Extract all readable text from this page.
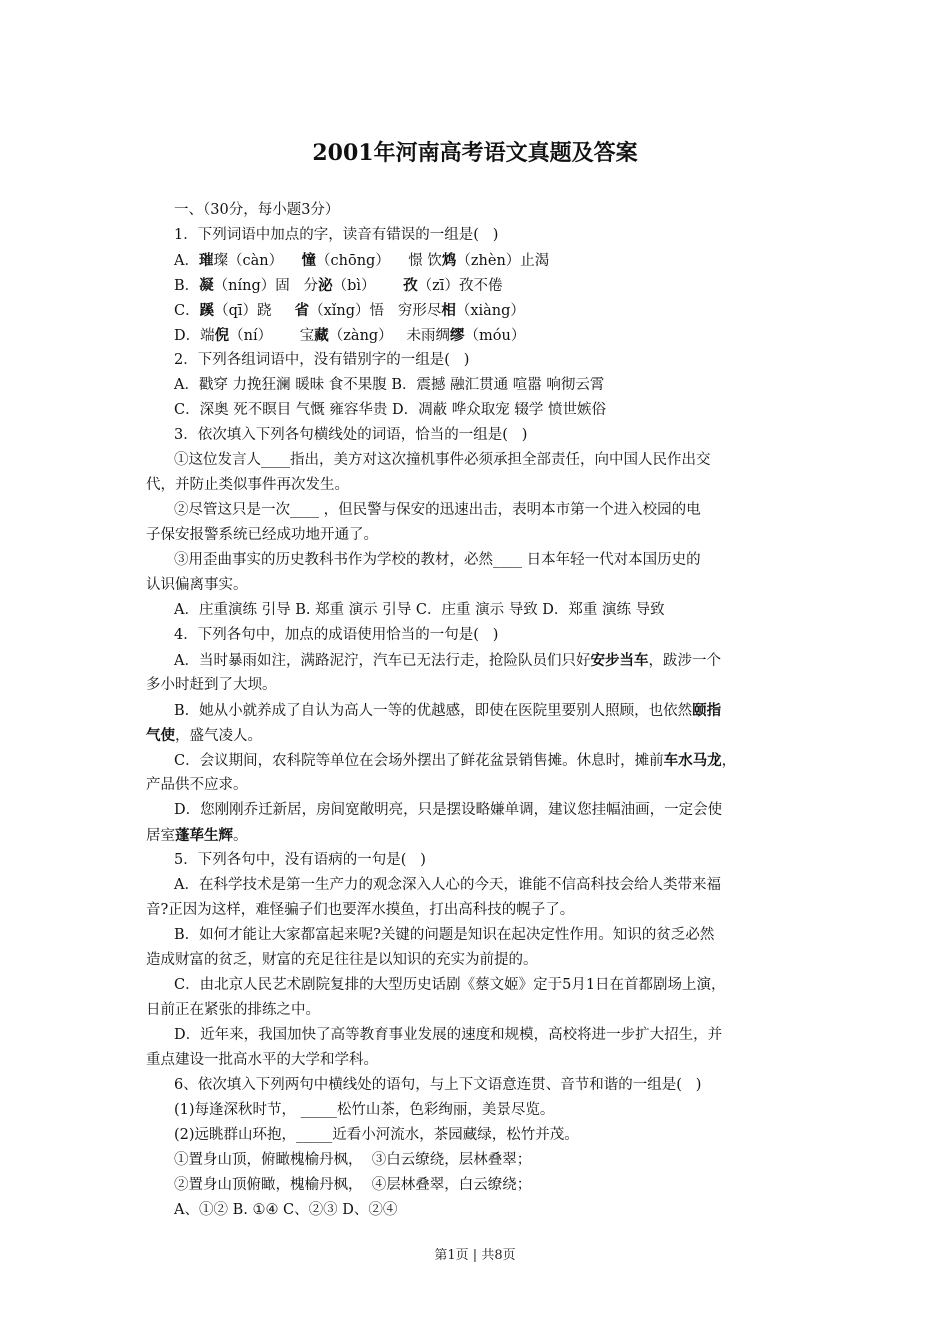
2001年河南高考语文真题及答案
一、（30分，每小题3分）
1．下列词语中加点的字，读音有错误的一组是(   )
A．璀璨（càn）    憧（chōng）    憬 饮鸩（zhèn）止渴
B．凝（níng）固   分泌（bì）      孜（zī）孜不倦
C．蹊（qī）跷     省（xǐng）悟   穷形尽相（xiàng）
D．端倪（ní）      宝藏（zàng）   未雨绸缪（móu）
2．下列各组词语中，没有错别字的一组是(   )
A．戳穿 力挽狂澜 暖昧 食不果腹 B．震撼 融汇贯通 喧嚣 响彻云霄
C．深奥 死不瞑目 气慨 雍容华贵 D．凋蔽 哗众取宠 辍学 愤世嫉俗
3．依次填入下列各句横线处的词语，恰当的一组是(   )
①这位发言人____指出，美方对这次撞机事件必须承担全部责任，向中国人民作出交
代，并防止类似事件再次发生。
②尽管这只是一次____ ，但民警与保安的迅速出击，表明本市第一个进入校园的电
子保安报警系统已经成功地开通了。
③用歪曲事实的历史教科书作为学校的教材，必然____ 日本年轻一代对本国历史的
认识偏离事实。
A．庄重演练 引导 B. 郑重 演示 引导 C．庄重 演示 导致 D．郑重 演练 导致
4．下列各句中，加点的成语使用恰当的一句是(   )
A．当时暴雨如注，满路泥泞，汽车已无法行走，抢险队员们只好安步当车，跋涉一个
多小时赶到了大坝。
B．她从小就养成了自认为高人一等的优越感，即使在医院里要别人照顾，也依然颐指
气使，盛气凌人。
C．会议期间，农科院等单位在会场外摆出了鲜花盆景销售摊。休息时，摊前车水马龙，
产品供不应求。
D．您刚刚乔迁新居，房间宽敞明亮，只是摆设略嫌单调，建议您挂幅油画，一定会使
居室蓬荜生辉。
5．下列各句中，没有语病的一句是(   )
A．在科学技术是第一生产力的观念深入人心的今天，谁能不信高科技会给人类带来福
音?正因为这样，难怪骗子们也要浑水摸鱼，打出高科技的幌子了。
B．如何才能让大家都富起来呢?关键的问题是知识在起决定性作用。知识的贫乏必然
造成财富的贫乏，财富的充足往往是以知识的充实为前提的。
C．由北京人民艺术剧院复排的大型历史话剧《蔡文姬》定于5月1日在首都剧场上演，
日前正在紧张的排练之中。
D．近年来，我国加快了高等教育事业发展的速度和规模，高校将进一步扩大招生，并
重点建设一批高水平的大学和学科。
6、依次填入下列两句中横线处的语句，与上下文语意连贯、音节和谐的一组是(   )
(1)每逢深秋时节， _____松竹山茶，色彩绚丽，美景尽览。
(2)远眺群山环抱，_____近看小河流水，茶园藏绿，松竹并茂。
①置身山顶，俯瞰槐榆丹枫，  ③白云缭绕，层林叠翠；
②置身山顶俯瞰，槐榆丹枫，  ④层林叠翠，白云缭绕；
A、①② B. ①④ C、②③ D、②④
第1页 | 共8页
